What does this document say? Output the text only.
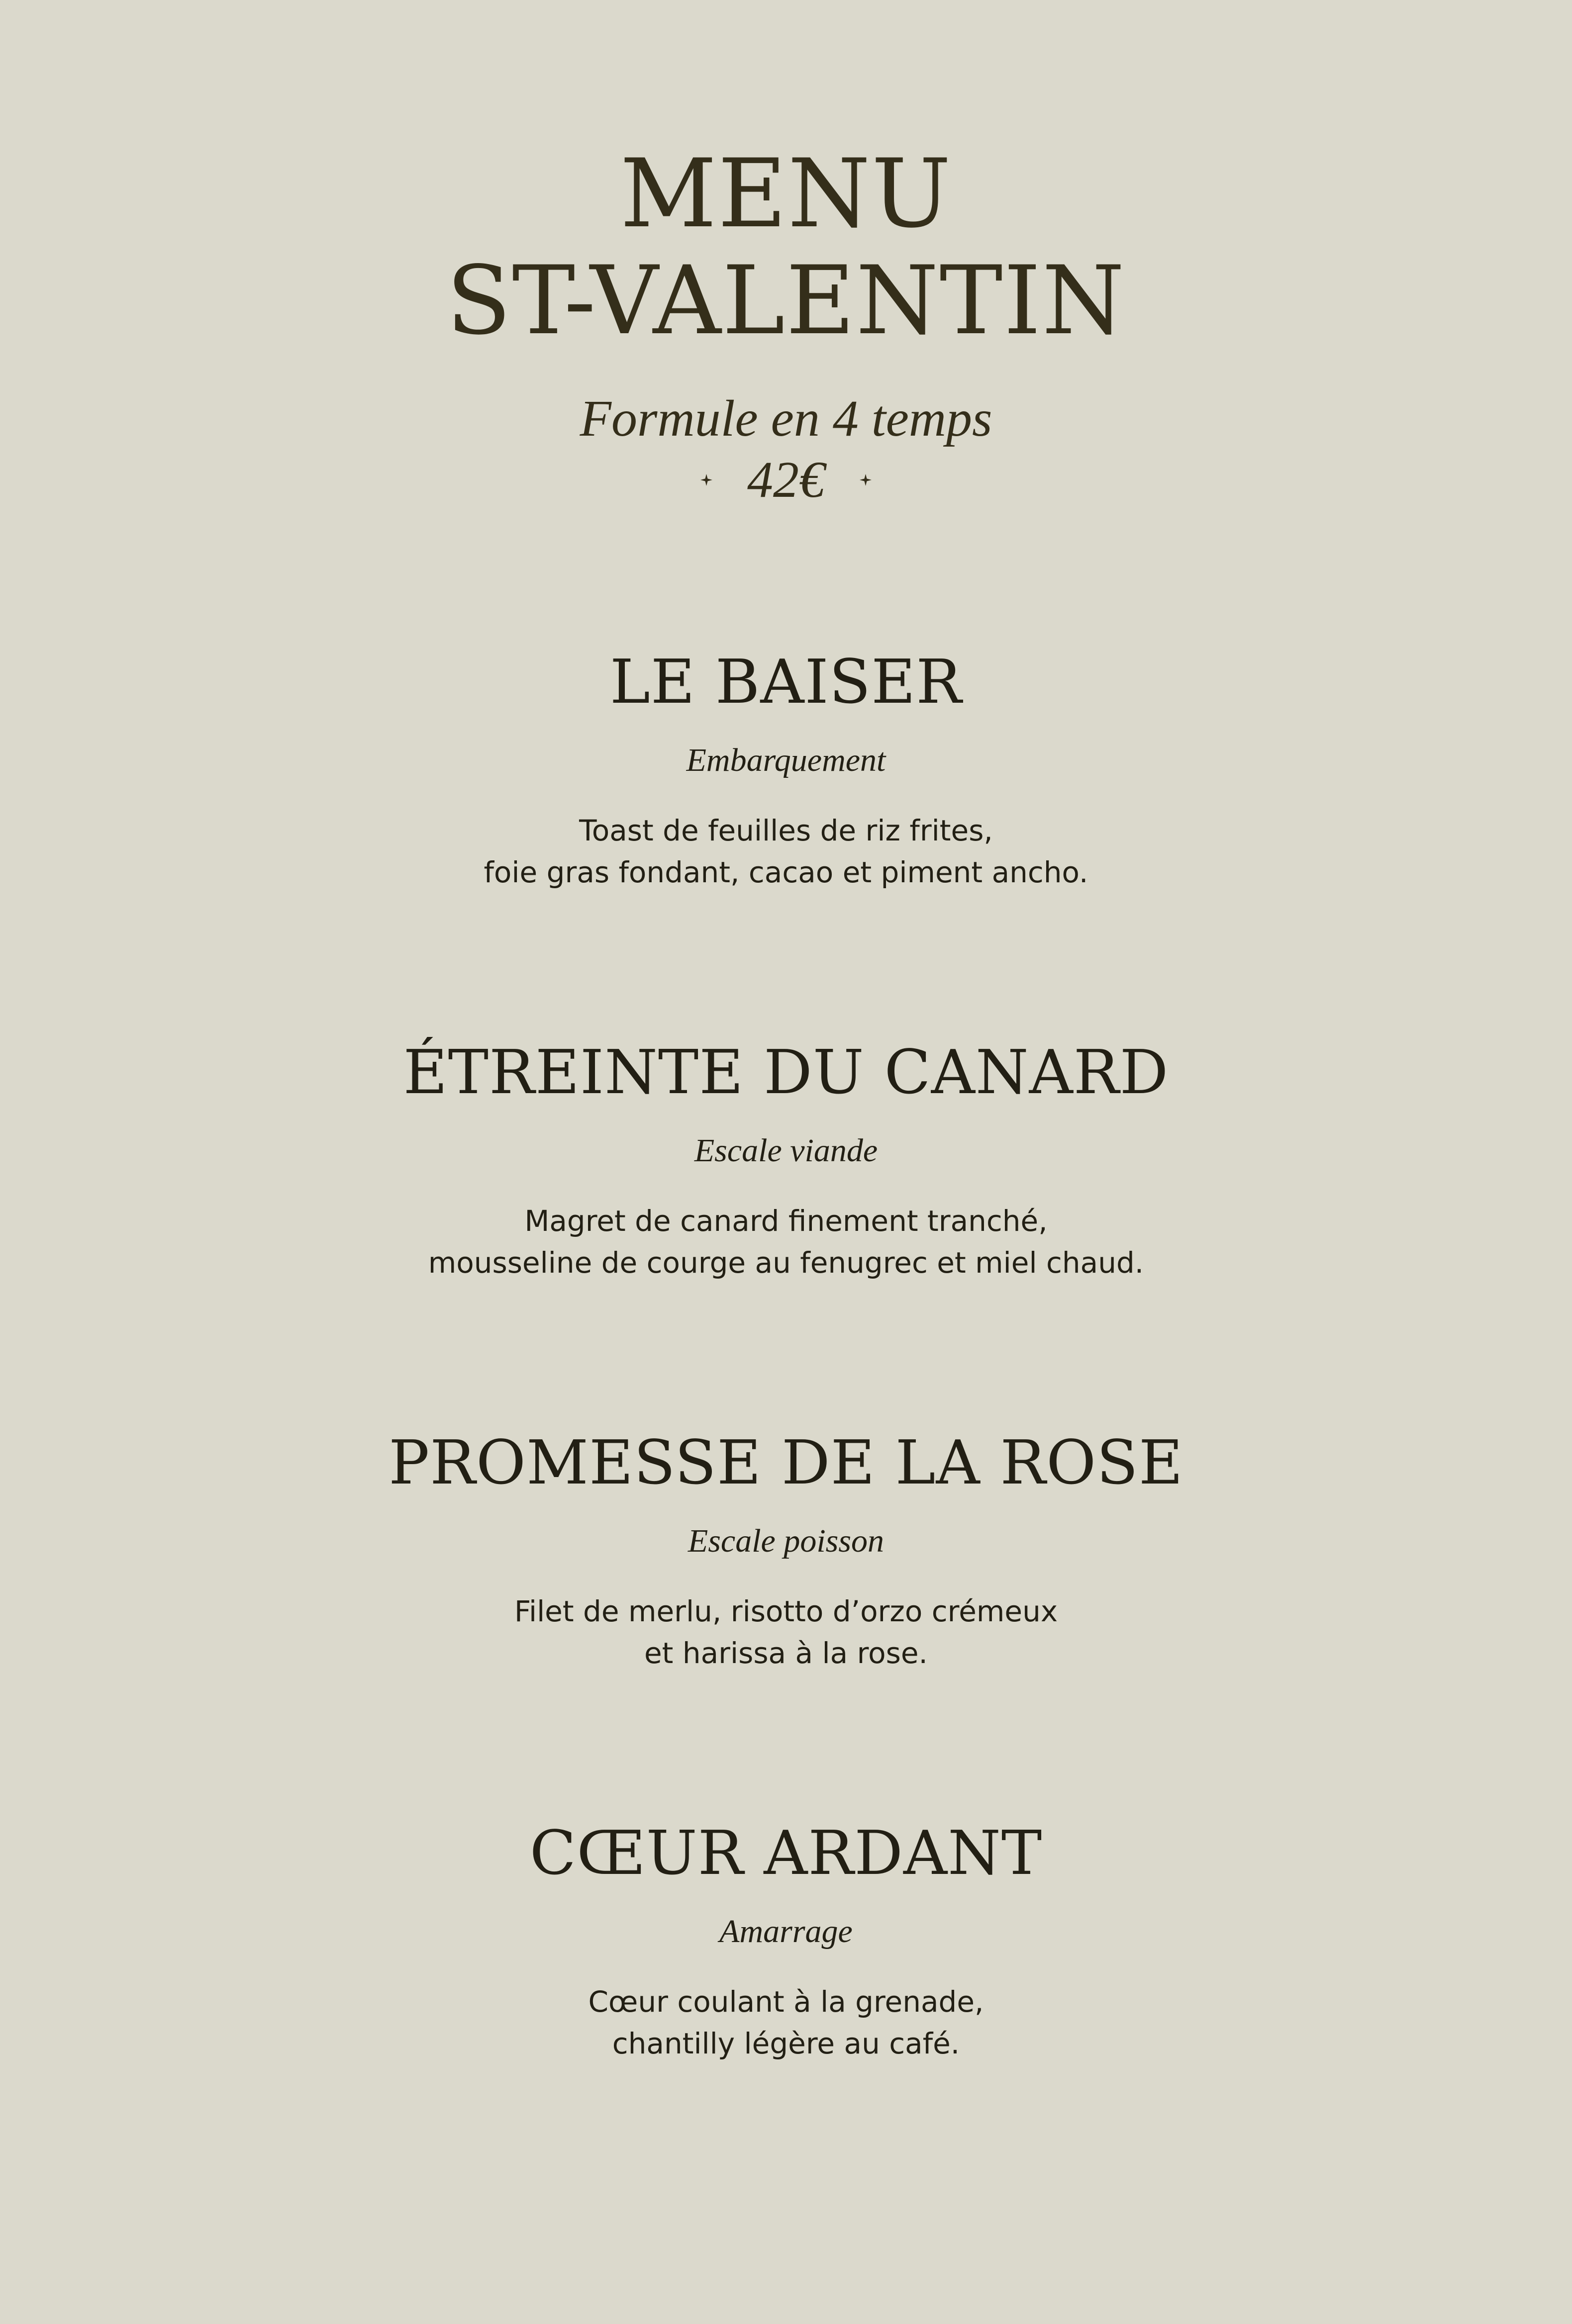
MENU
ST-VALENTIN
Formule en 4 temps
42€
LE BAISER
Embarquement
Toast de feuilles de riz frites,
foie gras fondant, cacao et piment ancho.
ÉTREINTE DU CANARD
Escale viande
Magret de canard finement tranché,
mousseline de courge au fenugrec et miel chaud.
PROMESSE DE LA ROSE
Escale poisson
Filet de merlu, risotto d’orzo crémeux
et harissa à la rose.
CŒUR ARDANT
Amarrage
Cœur coulant à la grenade,
chantilly légère au café.
